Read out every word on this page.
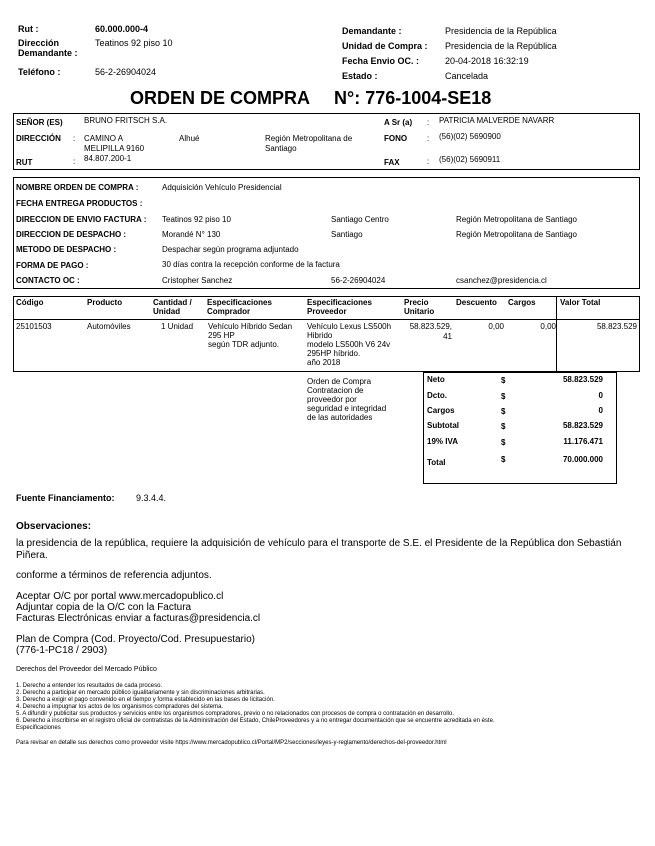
Rut :	60.000.000-4
Dirección
Demandante :
Teatinos 92 piso 10
Teléfono :	56-2-26904024
Demandante :	Presidencia de la República
Unidad de Compra : Presidencia de la República
Fecha Envio OC. :	20-04-2018 16:32:19
Estado :	Cancelada
ORDEN DE COMPRA N°: 776-1004-SE18
SEÑOR (ES)	BRUNO FRITSCH S.A.	A Sr (a) : PATRICIA MALVERDE NAVARR
DIRECCIÓN : CAMINO A
MELIPILLA 9160
Alhué	Región Metropolitana de
Santiago
FONO : (56)(02) 5690900
RUT	: 84.807.200-1	FAX	: (56)(02) 5690911
NOMBRE ORDEN DE COMPRA :	Adquisición Vehículo Presidencial
FECHA ENTREGA PRODUCTOS :
DIRECCION DE ENVIO FACTURA : Teatinos 92 piso 10	Santiago Centro	Región Metropolitana de Santiago
DIRECCION DE DESPACHO :	Morandé N° 130	Santiago	Región Metropolitana de Santiago
METODO DE DESPACHO :	Despachar según programa adjuntado
FORMA DE PAGO :	30 días contra la recepción conforme de la factura
CONTACTO OC :	Cristopher Sanchez	56-2-26904024	csanchez@presidencia.cl
Código	Producto	Cantidad /
Unidad
Especificaciones
Comprador
Especificaciones
Proveedor
Precio
Unitario
Descuento Cargos	Valor Total
25101503	Automóviles	1 Unidad Vehículo Híbrido Sedan
295 HP
según TDR adjunto.
Vehículo Lexus LS500h
Hibrido
modelo LS500h V6 24v
295HP híbrido.
año 2018
58.823.529,
41
0,00	0,00	58.823.529
Orden de Compra
Contratacion de
proveedor por
seguridad e integridad
de las autoridades
Neto	$	58.823.529
Dcto.	$	0
Cargos	$	0
Subtotal	$	58.823.529
19% IVA	$	11.176.471
Total	$	70.000.000
Fuente Financiamento: 9.3.4.4.
Observaciones:
la presidencia de la república, requiere la adquisición de vehículo para el transporte de S.E. el Presidente de la República don Sebastián
Piñera.
conforme a términos de referencia adjuntos.
Aceptar O/C por portal www.mercadopublico.cl
Adjuntar copia de la O/C con la Factura
Facturas Electrónicas enviar a facturas@presidencia.cl
Plan de Compra (Cod. Proyecto/Cod. Presupuestario)
(776-1-PC18 / 2903)
Derechos del Proveedor del Mercado Público
1. Derecho a entender los resultados de cada proceso.
2. Derecho a participar en mercado público igualitariamente y sin discriminaciones arbitrarias.
3. Derecho a exigir el pago convenido en el tiempo y forma establecido en las bases de licitación.
4. Derecho a impugnar los actos de los organismos compradores del sistema.
5. A difundir y publicitar sus productos y servicios entre los organismos compradores, previo o no relacionados con procesos de compra o contratación en desarrollo.
6. Derecho a inscribirse en el registro oficial de contratistas de la Administración del Estado, ChileProveedores y a no entregar documentación que se encuentre acreditada en éste.
Especificaciones
Para revisar en detalle sus derechos como proveedor visite https://www.mercadopublico.cl/Portal/MP2/secciones/leyes-y-reglamento/derechos-del-proveedor.html
